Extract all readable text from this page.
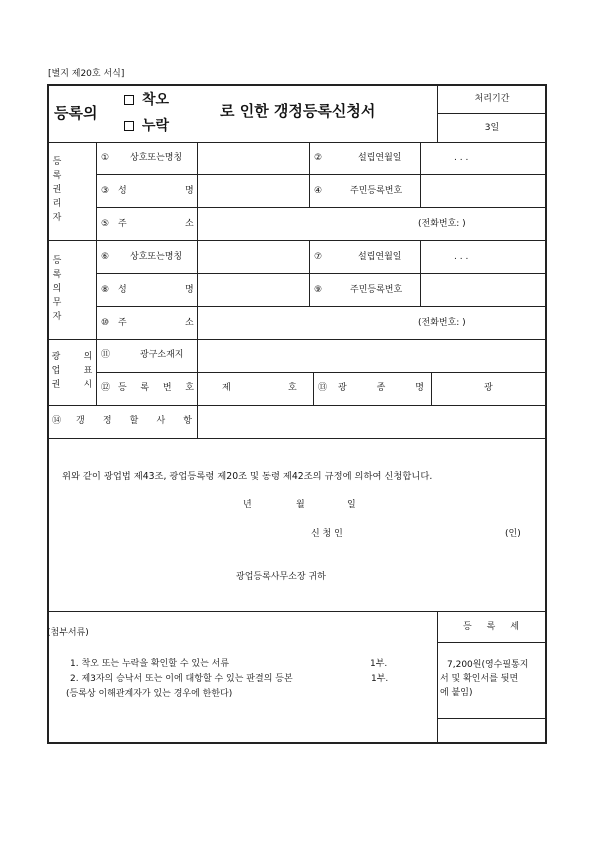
[별지 제20호 서식]
등록의
착오
누락
로 인한 갱정등록신청서
처리기간
3일
등
록
권
리
자
① 상호또는명칭	②	설립연월일	. . .
③ 성	명	④	주민등록번호
⑤ 주	소	(전화번호: )
등
록
의
무
자
⑥ 상호또는명칭	⑦	설립연월일	. . .
⑧ 성	명	⑨	주민등록번호
⑩ 주	소	(전화번호: )
광
업
권
의
표
시
⑪	광구소재지
⑫ 등 록 번 호	제	호 ⑬ 광	종	명	광
⑭ 갱 정 할 사 항
위와 같이 광업법 제43조, 광업등록령 제20조 및 동령 제42조의 규정에 의하여 신청합니다.
년	월	일
신 청 인	(인)
광업등록사무소장 귀하
(첨부서류)
1. 착오 또는 누락을 확인할 수 있는 서류	1부.
2. 제3자의 승낙서 또는 이에 대항할 수 있는 판결의 등본	1부.
(등록상 이해관계자가 있는 경우에 한한다)
등 록 세
7,200원(영수필통지
서 및 확인서를 뒷면
에 붙임)
